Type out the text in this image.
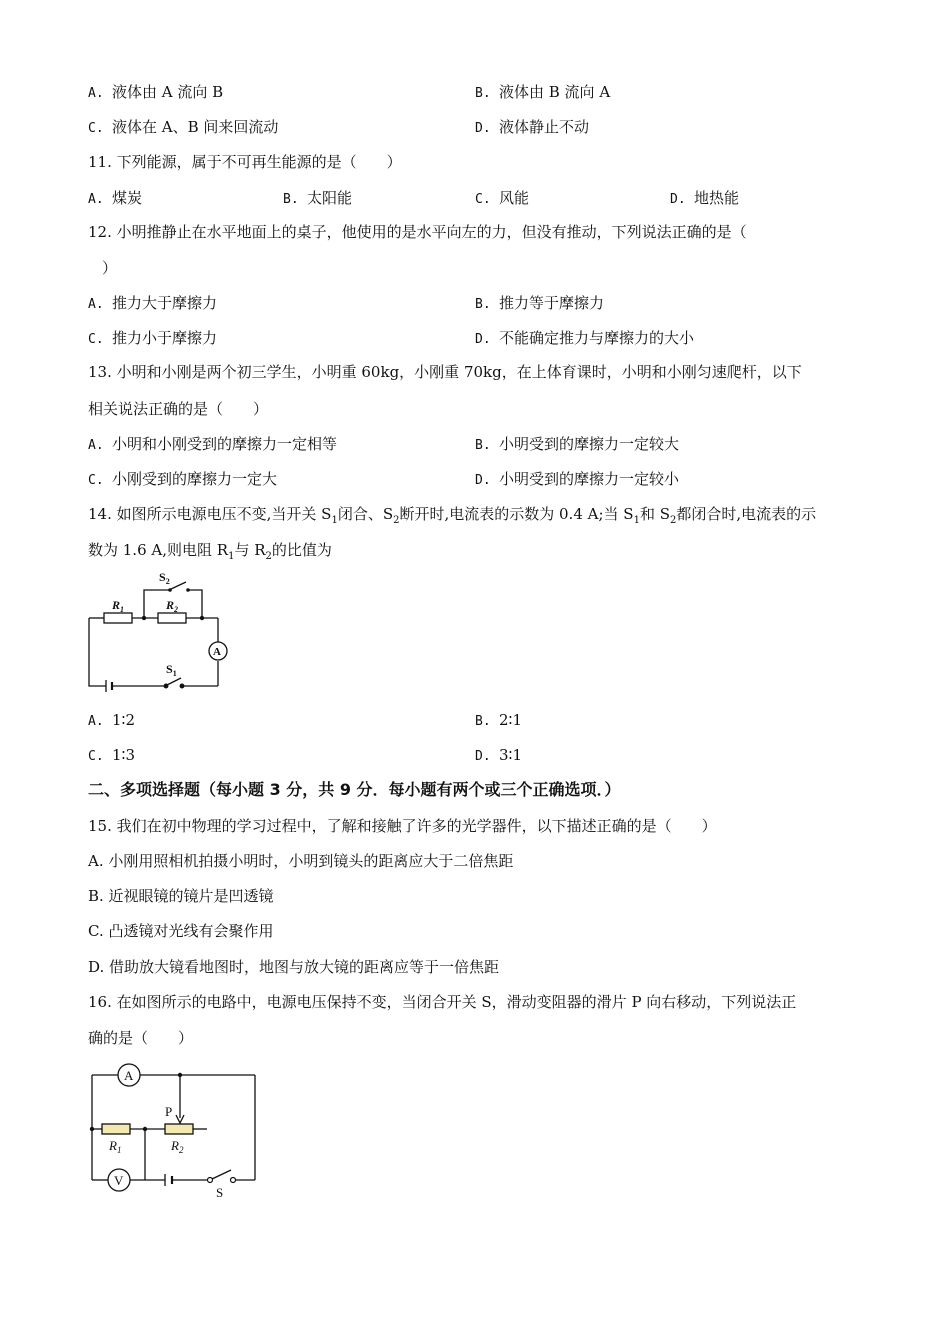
A. 液体由 A 流向 B	B. 液体由 B 流向 A
C. 液体在 A、B 间来回流动	D. 液体静止不动
11. 下列能源，属于不可再生能源的是（　　）
A. 煤炭	B. 太阳能	C. 风能	D. 地热能
12. 小明推静止在水平地面上的桌子，他使用的是水平向左的力，但没有推动，下列说法正确的是（
）
A. 推力大于摩擦力	B. 推力等于摩擦力
C. 推力小于摩擦力	D. 不能确定推力与摩擦力的大小
13. 小明和小刚是两个初三学生，小明重 60kg，小刚重 70kg，在上体育课时，小明和小刚匀速爬杆，以下
相关说法正确的是（　　）
A. 小明和小刚受到的摩擦力一定相等	B. 小明受到的摩擦力一定较大
C. 小刚受到的摩擦力一定大	D. 小明受到的摩擦力一定较小
14. 如图所示电源电压不变,当开关 $S_1$闭合、$S_2$断开时,电流表的示数为 0.4 A;当 $S_1$和 $S_2$都闭合时,电流表的示
数为 1.6 A,则电阻 $R_1$与 $R_2$的比值为
$S_2$
$R_1$	$R_2$
A
$S_1$
A. 1∶2	B. 2∶1
C. 1∶3	D. 3∶1
二、多项选择题（每小题 3 分，共 9 分．每小题有两个或三个正确选项．）
15. 我们在初中物理的学习过程中，了解和接触了许多的光学器件，以下描述正确的是（　　）
A. 小刚用照相机拍摄小明时，小明到镜头的距离应大于二倍焦距
B. 近视眼镜的镜片是凹透镜
C. 凸透镜对光线有会聚作用
D. 借助放大镜看地图时，地图与放大镜的距离应等于一倍焦距
16. 在如图所示的电路中，电源电压保持不变，当闭合开关 S，滑动变阻器的滑片 P 向右移动，下列说法正
确的是（　　）
A
P
$R_1$	$R_2$
V
S
